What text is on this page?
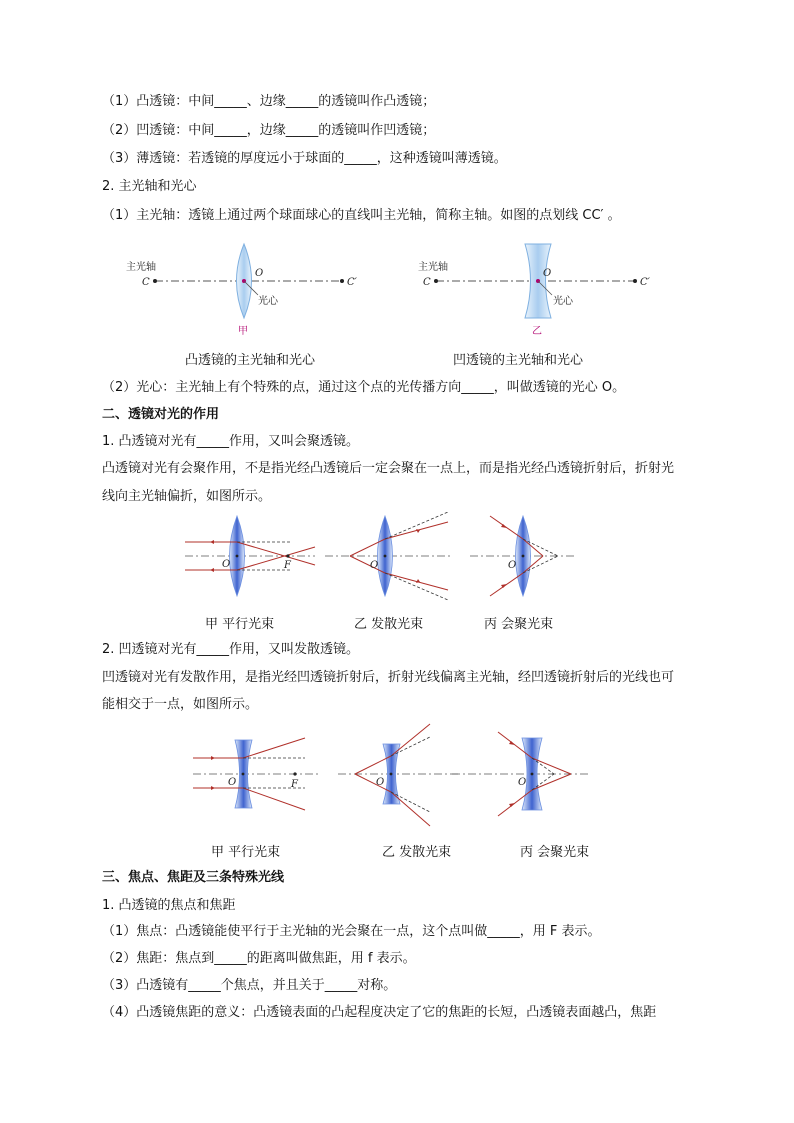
（1）凸透镜：中间_____、边缘_____的透镜叫作凸透镜；
（2）凹透镜：中间_____，边缘_____的透镜叫作凹透镜；
（3）薄透镜：若透镜的厚度远小于球面的_____，这种透镜叫薄透镜。
2. 主光轴和光心
（1）主光轴：透镜上通过两个球面球心的直线叫主光轴，简称主轴。如图的点划线 CC′ 。
主光轴
C	C′
O
光心
甲
主光轴
C	C′
O
光心
乙
凸透镜的主光轴和光心	凹透镜的主光轴和光心
（2）光心：主光轴上有个特殊的点，通过这个点的光传播方向_____，叫做透镜的光心 O。
二、透镜对光的作用
1. 凸透镜对光有_____作用，又叫会聚透镜。
凸透镜对光有会聚作用，不是指光经凸透镜后一定会聚在一点上，而是指光经凸透镜折射后，折射光
线向主光轴偏折，如图所示。
O	F	O	O
甲 平行光束	乙 发散光束	丙 会聚光束
2. 凹透镜对光有_____作用，又叫发散透镜。
凹透镜对光有发散作用，是指光经凹透镜折射后，折射光线偏离主光轴，经凹透镜折射后的光线也可
能相交于一点，如图所示。
O	F	O	O
甲 平行光束	乙 发散光束	丙 会聚光束
三、焦点、焦距及三条特殊光线
1. 凸透镜的焦点和焦距
（1）焦点：凸透镜能使平行于主光轴的光会聚在一点，这个点叫做_____，用 F 表示。
（2）焦距：焦点到_____的距离叫做焦距，用 f 表示。
（3）凸透镜有_____个焦点，并且关于_____对称。
（4）凸透镜焦距的意义：凸透镜表面的凸起程度决定了它的焦距的长短，凸透镜表面越凸，焦距
